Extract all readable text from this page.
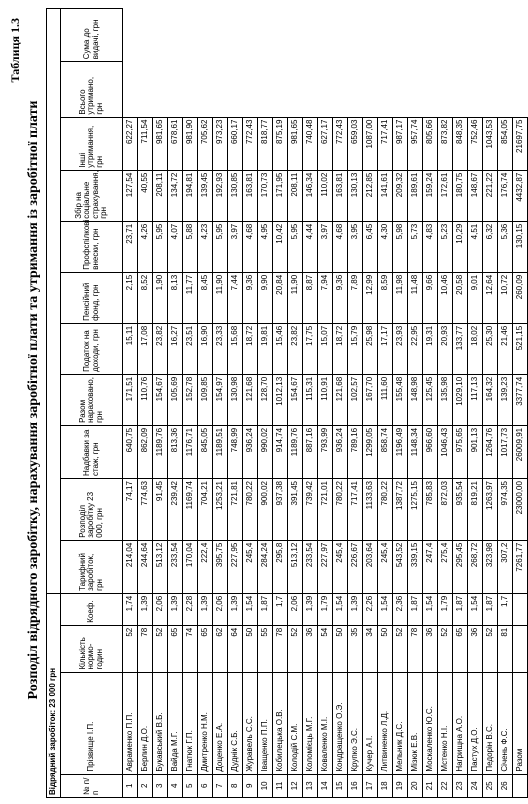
Таблиця 1.3
Розподіл відрядного заробітку, нарахування заробітної плати та утримання із заробітної плати
Відрядний заробіток: 23 000 грн														
№ п/п	Прізвище І.П.	Кількість нормо-годин	Коеф.	Тарифний заробіток, грн	Розподіл заробітку 23 000, грн	Надбавки за стаж, грн	Разом нараховано, грн	Податок на доходи, грн	Пенсійний фонд, грн	Профспілкові внески, грн	Збір на соціальне страхування, грн	Інші утримання, грн	Всього утримано, грн	Сума до видачі, грн
1	Авраменко П.П.	52	1,74	214,04	74,17	640,75	171,51	15,11	2,15	23,71	127,54	622,27		
2	Берлин Д.О.	78	1,39	244,64	774,63	862,09	110,76	17,08	8,52	4,26	40,55	711,54		
3	Букавський В.Б.	52	2,06	513,12	91,45	1189,76	154,67	23,82	1,90	5,95	208,11	981,65		
4	Вайда М.Г.	65	1,39	233,54	239,42	813,36	105,69	16,27	8,13	4,07	134,72	678,61		
5	Гнатюк Г.П.	74	2,28	170,04	1169,74	1176,71	152,78	23,51	11,77	5,88	194,81	981,90		
6	Дмитренко Н.М.	65	1,39	222,4	704,21	845,05	109,85	16,90	8,45	4,23	139,45	705,62		
7	Доценко Е.А.	62	2,06	395,75	1253,21	1189,51	154,97	23,33	11,90	5,95	192,93	973,23		
8	Дуднік С.Б.	64	1,39	227,95	721,81	748,99	130,98	15,68	7,44	3,97	130,85	660,17		
9	Журавель С.С.	50	1,54	245,4	780,22	936,24	121,68	18,72	9,36	4,68	163,81	772,43		
10	Іващенко П.П.	55	1,87	284,24	900,02	990,02	128,70	19,81	9,90	4,95	170,73	818,77		
11	Кобилецька О.В.	78	1,7	295,8	937,38	914,74	1012,13	15,46	20,84	10,42	171,95	875,19		
12	Колодій С.М.	52	2,06	513,12	391,45	1189,76	154,67	23,82	11,90	5,95	208,11	981,65		
13	Коломієць М.Г.	36	1,39	233,54	739,42	887,16	115,31	17,75	8,87	4,44	146,34	740,48		
14	Коваленко М.І.	54	1,79	227,97	721,01	793,99	110,91	15,07	7,94	3,97	110,02	627,17		
15	Кондращенко О.Э.	50	1,54	245,4	780,22	936,24	121,68	18,72	9,36	4,68	163,81	772,43		
16	Крупко Э.С.	35	1,39	226,67	717,41	789,16	102,57	15,79	7,89	3,95	130,13	659,03		
17	Кучер А.І.	34	2,26	203,64	1133,63	1299,05	167,70	25,98	12,99	6,45	212,85	1087,00		
18	Литвиненко Л.Д.	50	1,54	245,4	780,22	858,74	111,60	17,17	8,59	4,30	141,61	717,41		
19	Мельник Д.С.	52	2,36	543,52	1387,72	1196,49	155,48	23,93	11,98	5,98	209,32	987,17		
20	Мізюк Е.В.	78	1,87	339,15	1275,15	1148,34	148,98	22,95	11,48	5,73	189,61	957,74		
21	Москаленко Ю.С.	36	1,54	247,4	785,83	966,60	125,45	19,31	9,66	4,83	159,24	805,66		
22	Мстенко Н.І.	52	1,79	275,4	872,03	1046,43	135,98	20,93	10,46	5,23	172,61	873,82		
23	Нагрищна А.О.	65	1,87	295,45	935,54	975,65	1029,10	133,77	20,58	10,29	180,75	848,35		
24	Пастух Д.О.	36	1,54	268,72	819,21	901,13	117,13	18,02	9,01	4,51	148,67	752,46		
25	Педорін В.С.	52	1,87	323,98	1263,97	1264,76	164,32	25,30	12,64	6,32	221,22	1043,53		
26	Січень Ф.С.	81	1,7	307,2	974,35	1017,73	139,23	21,46	10,72	5,36	176,74	854,05		
	Разом			7261,77	23000,00	26009,91	3377,74	521,15	260,09	130,15	4432,87	21697,75		
